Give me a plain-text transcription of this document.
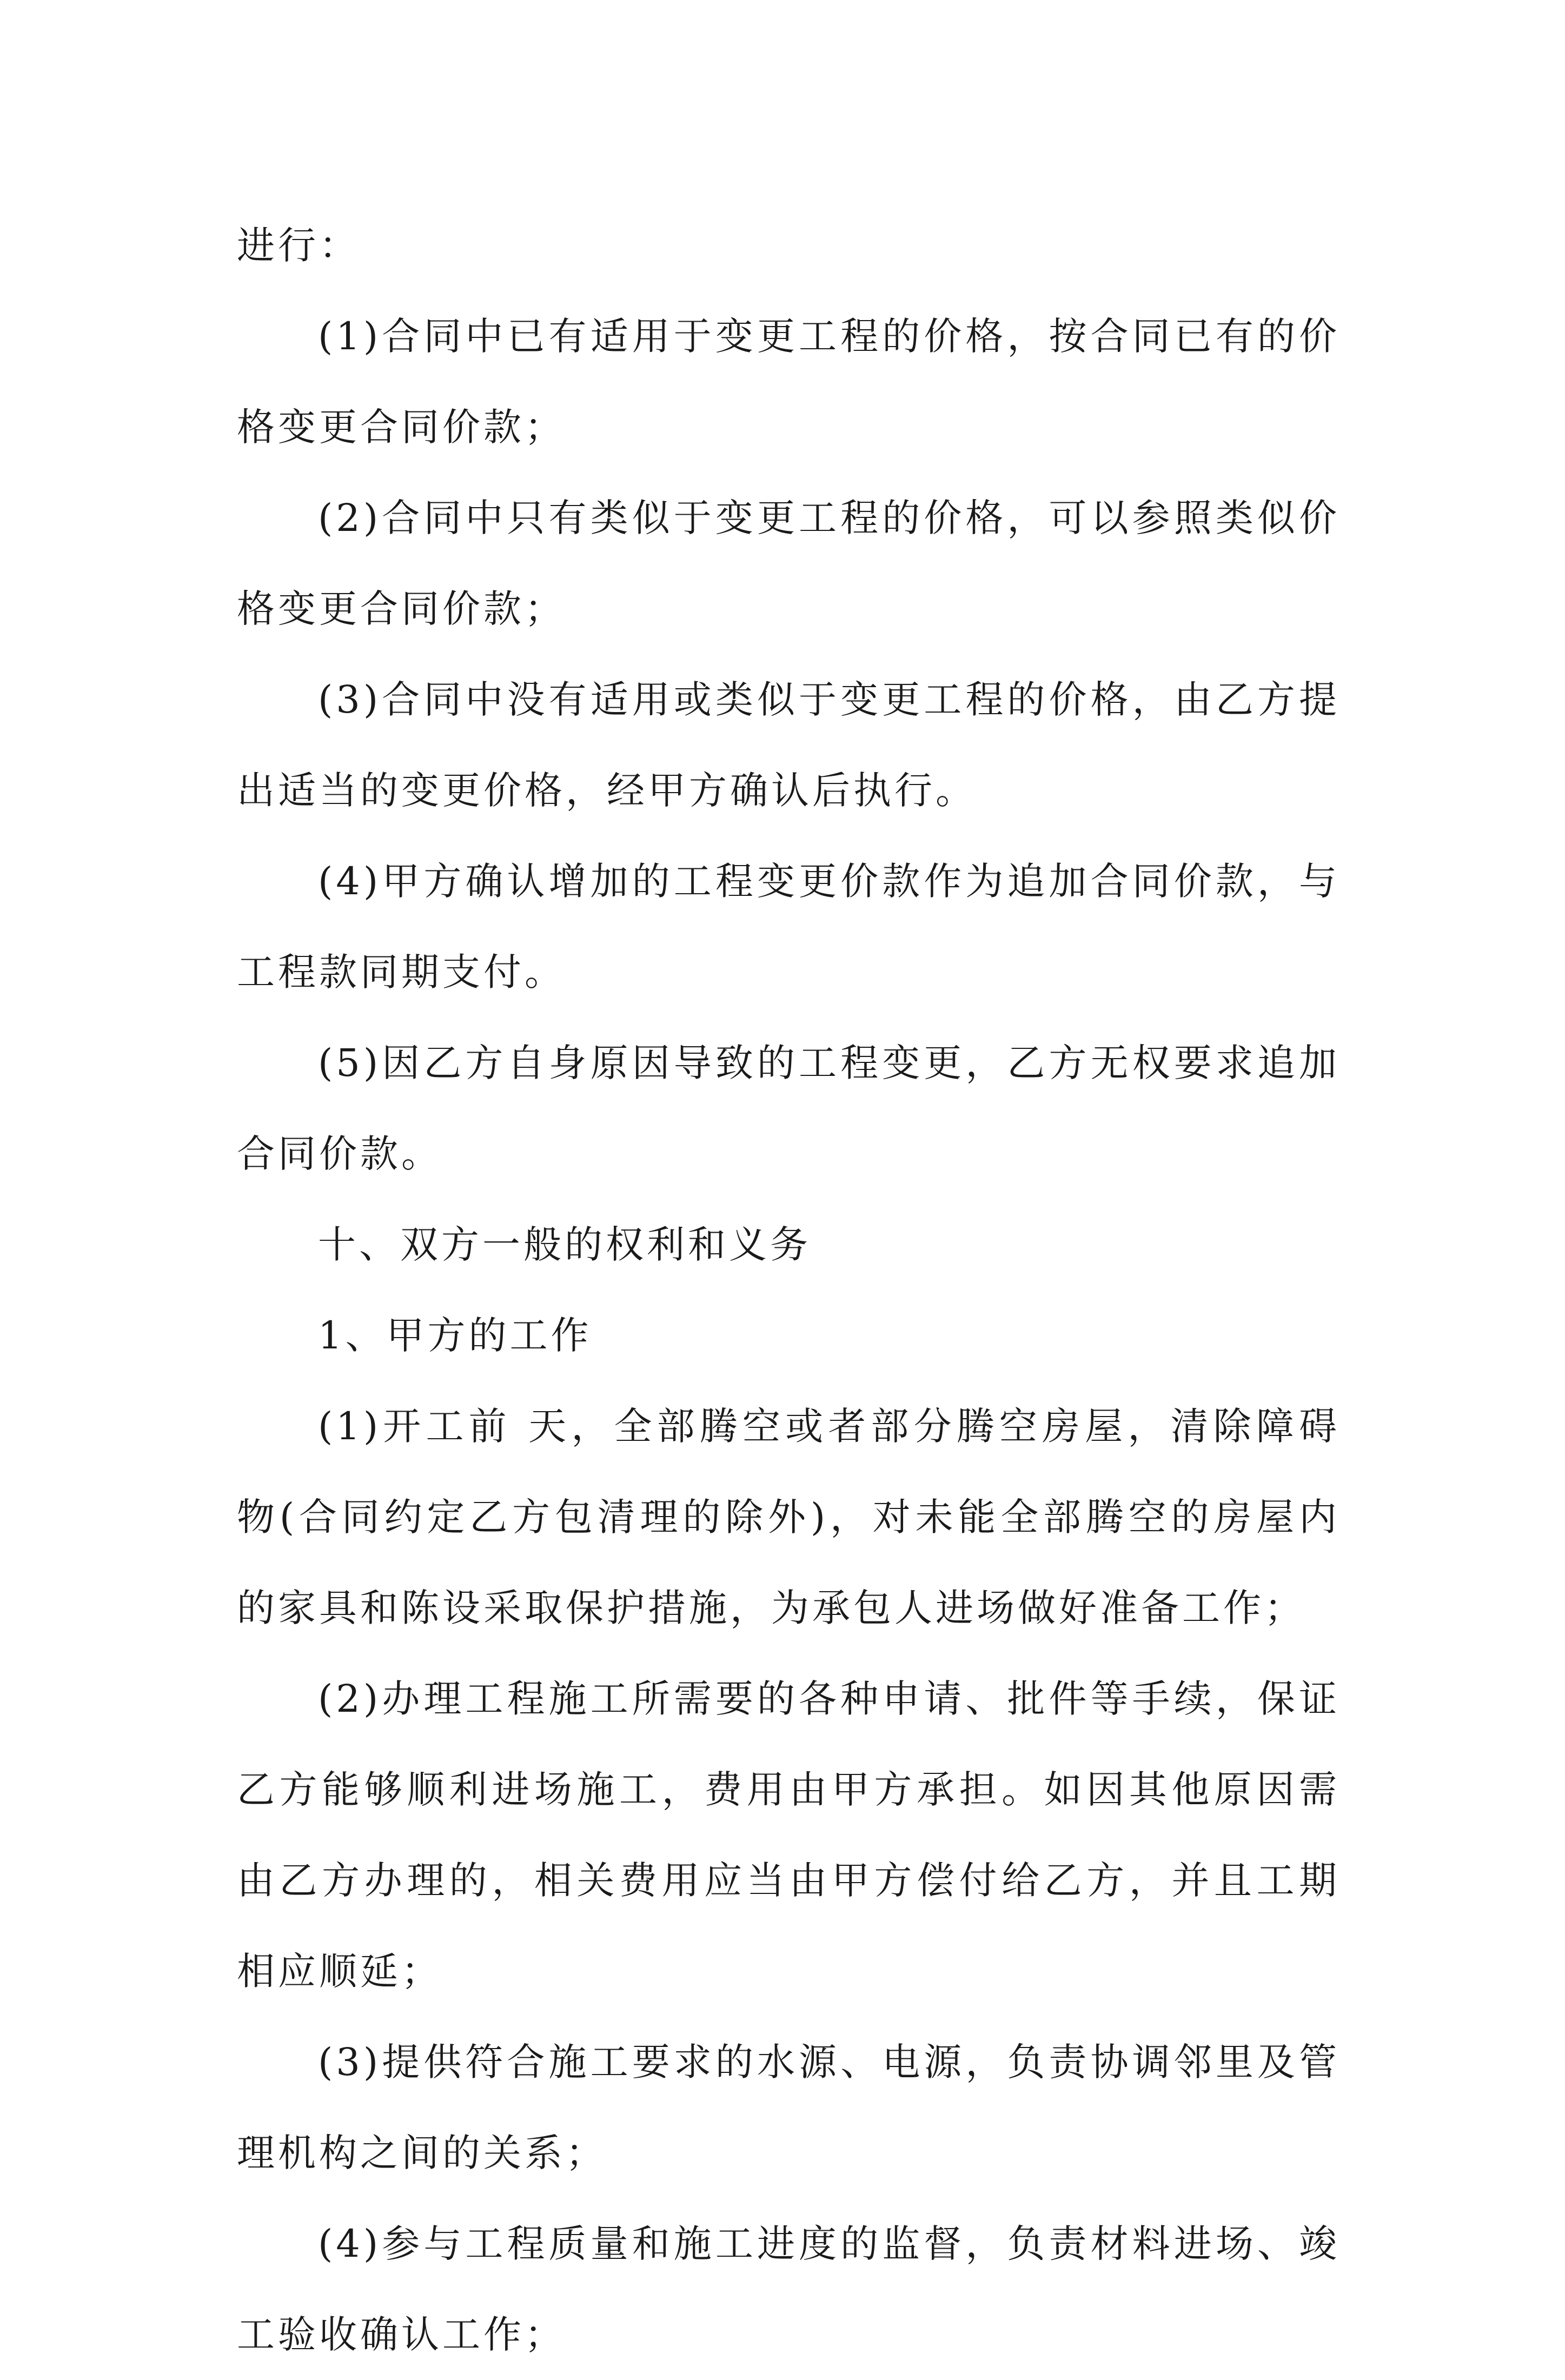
进行：

(1)合同中已有适用于变更工程的价格，按合同已有的价格变更合同价款；

(2)合同中只有类似于变更工程的价格，可以参照类似价格变更合同价款；

(3)合同中没有适用或类似于变更工程的价格，由乙方提出适当的变更价格，经甲方确认后执行。

(4)甲方确认增加的工程变更价款作为追加合同价款，与工程款同期支付。

(5)因乙方自身原因导致的工程变更，乙方无权要求追加合同价款。

十、双方一般的权利和义务

1、甲方的工作

(1)开工前 天，全部腾空或者部分腾空房屋，清除障碍物(合同约定乙方包清理的除外)，对未能全部腾空的房屋内的家具和陈设采取保护措施，为承包人进场做好准备工作；

(2)办理工程施工所需要的各种申请、批件等手续，保证乙方能够顺利进场施工，费用由甲方承担。如因其他原因需由乙方办理的，相关费用应当由甲方偿付给乙方，并且工期相应顺延；

(3)提供符合施工要求的水源、电源，负责协调邻里及管理机构之间的关系；

(4)参与工程质量和施工进度的监督，负责材料进场、竣工验收确认工作；
